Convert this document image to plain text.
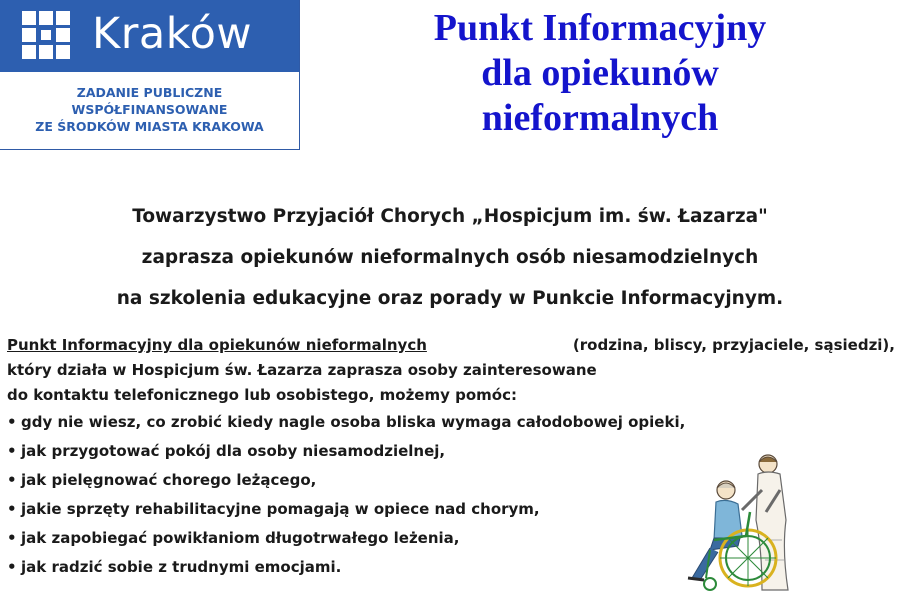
Kraków
ZADANIE PUBLICZNE
WSPÓŁFINANSOWANE
ZE ŚRODKÓW MIASTA KRAKOWA
Punkt Informacyjny
dla opiekunów
nieformalnych
Towarzystwo Przyjaciół Chorych „Hospicjum im. św. Łazarza"
zaprasza opiekunów nieformalnych osób niesamodzielnych
na szkolenia edukacyjne oraz porady w Punkcie Informacyjnym.
Punkt Informacyjny dla opiekunów nieformalnych	(rodzina, bliscy, przyjaciele, sąsiedzi),
który działa w Hospicjum św. Łazarza zaprasza osoby zainteresowane
do kontaktu telefonicznego lub osobistego, możemy pomóc:
• gdy nie wiesz, co zrobić kiedy nagle osoba bliska wymaga całodobowej opieki,
• jak przygotować pokój dla osoby niesamodzielnej,
• jak pielęgnować chorego leżącego,
• jakie sprzęty rehabilitacyjne pomagają w opiece nad chorym,
• jak zapobiegać powikłaniom długotrwałego leżenia,
• jak radzić sobie z trudnymi emocjami.
